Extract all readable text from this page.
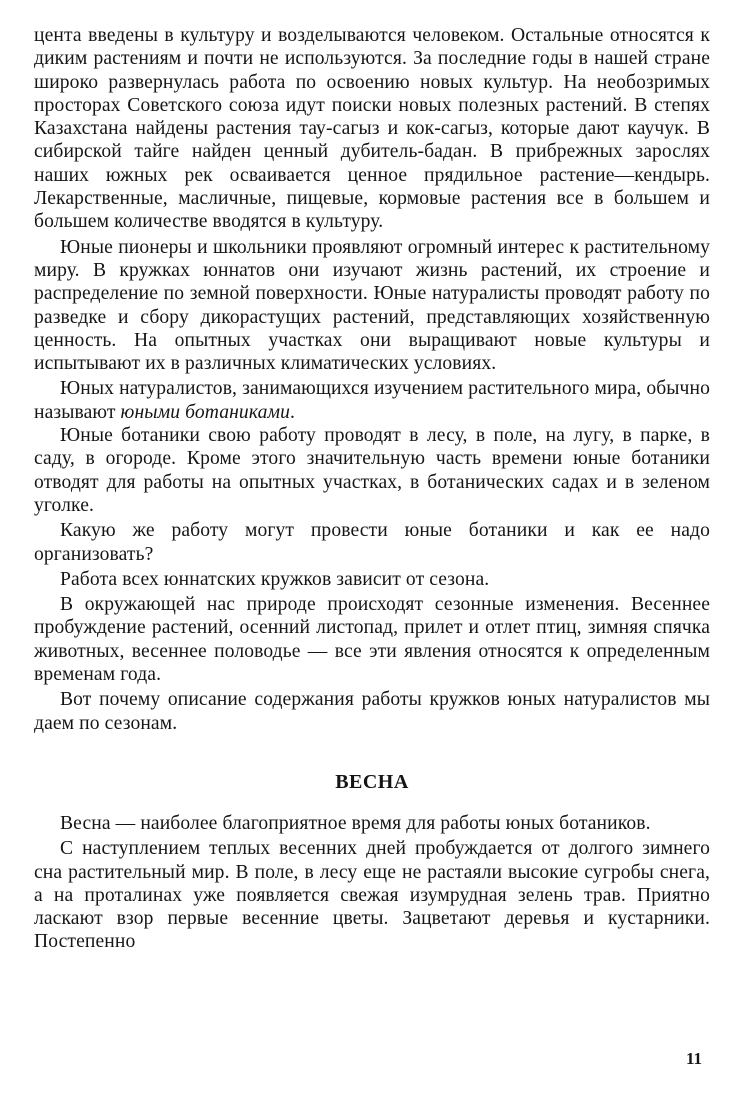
цента введены в культуру и возделываются человеком. Остальные относятся к диким растениям и почти не используются. За последние годы в нашей стране широко развернулась работа по освоению новых культур. На необозримых просторах Советского союза идут поиски новых полезных растений. В степях Казахстана найдены растения тау-сагыз и кок-сагыз, которые дают каучук. В сибирской тайге найден ценный дубитель-бадан. В прибрежных зарослях наших южных рек осваивается ценное прядильное растение—кендырь. Лекарственные, масличные, пищевые, кормовые растения все в большем и большем количестве вводятся в культуру.

Юные пионеры и школьники проявляют огромный интерес к растительному миру. В кружках юннатов они изучают жизнь растений, их строение и распределение по земной поверхности. Юные натуралисты проводят работу по разведке и сбору дикорастущих растений, представляющих хозяйственную ценность. На опытных участках они выращивают новые культуры и испытывают их в различных климатических условиях.

Юных натуралистов, занимающихся изучением растительного мира, обычно называют юными ботаниками.

Юные ботаники свою работу проводят в лесу, в поле, на лугу, в парке, в саду, в огороде. Кроме этого значительную часть времени юные ботаники отводят для работы на опытных участках, в ботанических садах и в зеленом уголке.

Какую же работу могут провести юные ботаники и как ее надо организовать?

Работа всех юннатских кружков зависит от сезона.

В окружающей нас природе происходят сезонные изменения. Весеннее пробуждение растений, осенний листопад, прилет и отлет птиц, зимняя спячка животных, весеннее половодье — все эти явления относятся к определенным временам года.

Вот почему описание содержания работы кружков юных натуралистов мы даем по сезонам.

ВЕСНА

Весна — наиболее благоприятное время для работы юных ботаников.

С наступлением теплых весенних дней пробуждается от долгого зимнего сна растительный мир. В поле, в лесу еще не растаяли высокие сугробы снега, а на проталинах уже появляется свежая изумрудная зелень трав. Приятно ласкают взор первые весенние цветы. Зацветают деревья и кустарники. Постепенно

11
